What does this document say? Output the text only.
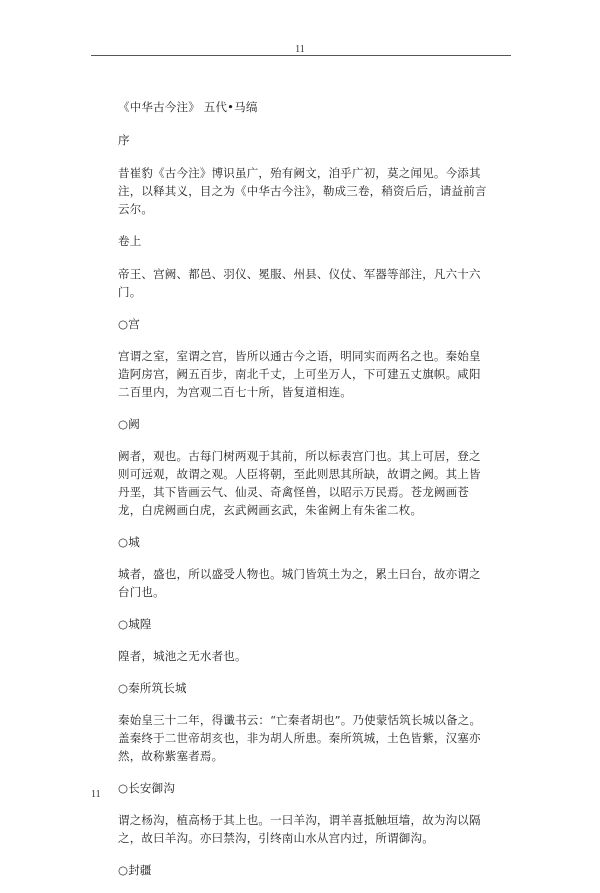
11

《中华古今注》 五代•马缟

序

昔崔豹《古今注》博识虽广，殆有阙文，洎乎广初，莫之闻见。今添其注，以释其义，目之为《中华古今注》，勒成三卷，稍资后后，请益前言云尔。

卷上

帝王、宫阙、都邑、羽仪、冕服、州县、仪仗、军器等部注，凡六十六门。

○宫

宫谓之室，室谓之宫，皆所以通古今之语，明同实而两名之也。秦始皇造阿房宫，阙五百步，南北千丈，上可坐万人，下可建五丈旗帜。咸阳二百里内，为宫观二百七十所，皆复道相连。

○阙

阙者，观也。古每门树两观于其前，所以标表宫门也。其上可居，登之则可远观，故谓之观。人臣将朝，至此则思其所缺，故谓之阙。其上皆丹垩，其下皆画云气、仙灵、奇禽怪兽，以昭示万民焉。苍龙阙画苍龙，白虎阙画白虎，玄武阙画玄武，朱雀阙上有朱雀二枚。

○城

城者，盛也，所以盛受人物也。城门皆筑土为之，累土曰台，故亦谓之台门也。

○城隍

隍者，城池之无水者也。

○秦所筑长城

秦始皇三十二年，得谶书云：“亡秦者胡也”。乃使蒙恬筑长城以备之。盖秦终于二世帝胡亥也，非为胡人所患。秦所筑城，土色皆紫，汉塞亦然，故称紫塞者焉。

○长安御沟

谓之杨沟，植高杨于其上也。一曰羊沟，谓羊喜抵触垣墙，故为沟以隔之，故曰羊沟。亦曰禁沟，引终南山水从宫内过，所谓御沟。

○封疆

11
